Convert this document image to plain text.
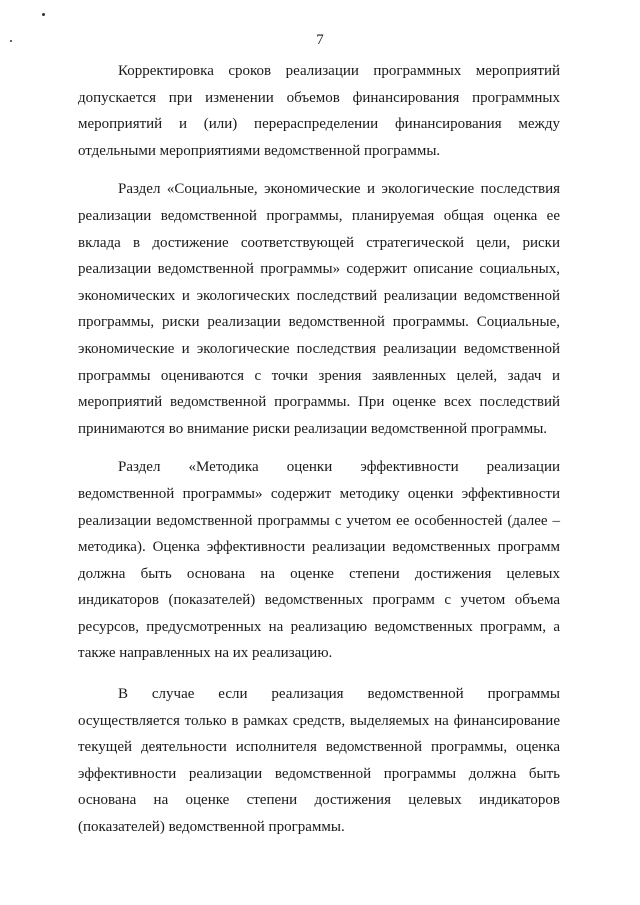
7

Корректировка сроков реализации программных мероприятий допускается при изменении объемов финансирования программных мероприятий и (или) перераспределении финансирования между отдельными мероприятиями ведомственной программы.

Раздел «Социальные, экономические и экологические последствия реализации ведомственной программы, планируемая общая оценка ее вклада в достижение соответствующей стратегической цели, риски реализации ведомственной программы» содержит описание социальных, экономических и экологических последствий реализации ведомственной программы, риски реализации ведомственной программы. Социальные, экономические и экологические последствия реализации ведомственной программы оцениваются с точки зрения заявленных целей, задач и мероприятий ведомственной программы. При оценке всех последствий принимаются во внимание риски реализации ведомственной программы.

Раздел «Методика оценки эффективности реализации ведомственной программы» содержит методику оценки эффективности реализации ведомственной программы с учетом ее особенностей (далее – методика). Оценка эффективности реализации ведомственных программ должна быть основана на оценке степени достижения целевых индикаторов (показателей) ведомственных программ с учетом объема ресурсов, предусмотренных на реализацию ведомственных программ, а также направленных на их реализацию.

В случае если реализация ведомственной программы осуществляется только в рамках средств, выделяемых на финансирование текущей деятельности исполнителя ведомственной программы, оценка эффективности реализации ведомственной программы должна быть основана на оценке степени достижения целевых индикаторов (показателей) ведомственной программы.
